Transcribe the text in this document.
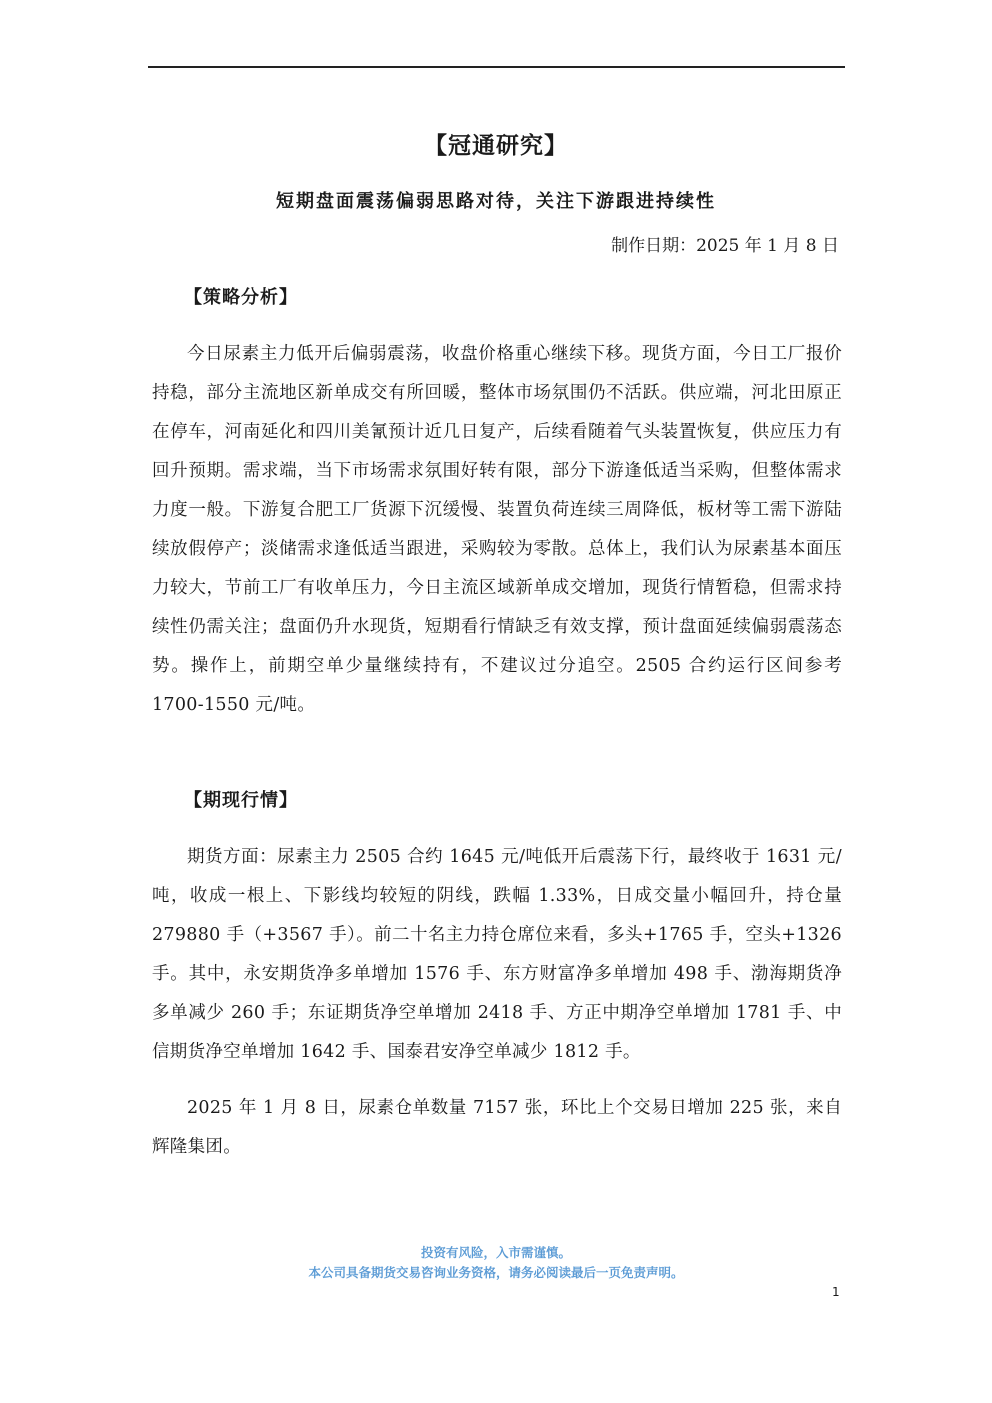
【冠通研究】
短期盘面震荡偏弱思路对待，关注下游跟进持续性
制作日期：2025 年 1 月 8 日
【策略分析】

今日尿素主力低开后偏弱震荡，收盘价格重心继续下移。现货方面，今日工厂报价持稳，部分主流地区新单成交有所回暖，整体市场氛围仍不活跃。供应端，河北田原正在停车，河南延化和四川美氰预计近几日复产，后续看随着气头装置恢复，供应压力有回升预期。需求端，当下市场需求氛围好转有限，部分下游逢低适当采购，但整体需求力度一般。下游复合肥工厂货源下沉缓慢、装置负荷连续三周降低，板材等工需下游陆续放假停产；淡储需求逢低适当跟进，采购较为零散。总体上，我们认为尿素基本面压力较大，节前工厂有收单压力，今日主流区域新单成交增加，现货行情暂稳，但需求持续性仍需关注；盘面仍升水现货，短期看行情缺乏有效支撑，预计盘面延续偏弱震荡态势。操作上，前期空单少量继续持有，不建议过分追空。2505 合约运行区间参考 1700-1550 元/吨。

【期现行情】

期货方面：尿素主力 2505 合约 1645 元/吨低开后震荡下行，最终收于 1631 元/吨，收成一根上、下影线均较短的阴线，跌幅 1.33%，日成交量小幅回升，持仓量 279880 手（+3567 手）。前二十名主力持仓席位来看，多头+1765 手，空头+1326 手。其中，永安期货净多单增加 1576 手、东方财富净多单增加 498 手、渤海期货净多单减少 260 手；东证期货净空单增加 2418 手、方正中期净空单增加 1781 手、中信期货净空单增加 1642 手、国泰君安净空单减少 1812 手。

2025 年 1 月 8 日，尿素仓单数量 7157 张，环比上个交易日增加 225 张，来自辉隆集团。

投资有风险，入市需谨慎。
本公司具备期货交易咨询业务资格，请务必阅读最后一页免责声明。
1
